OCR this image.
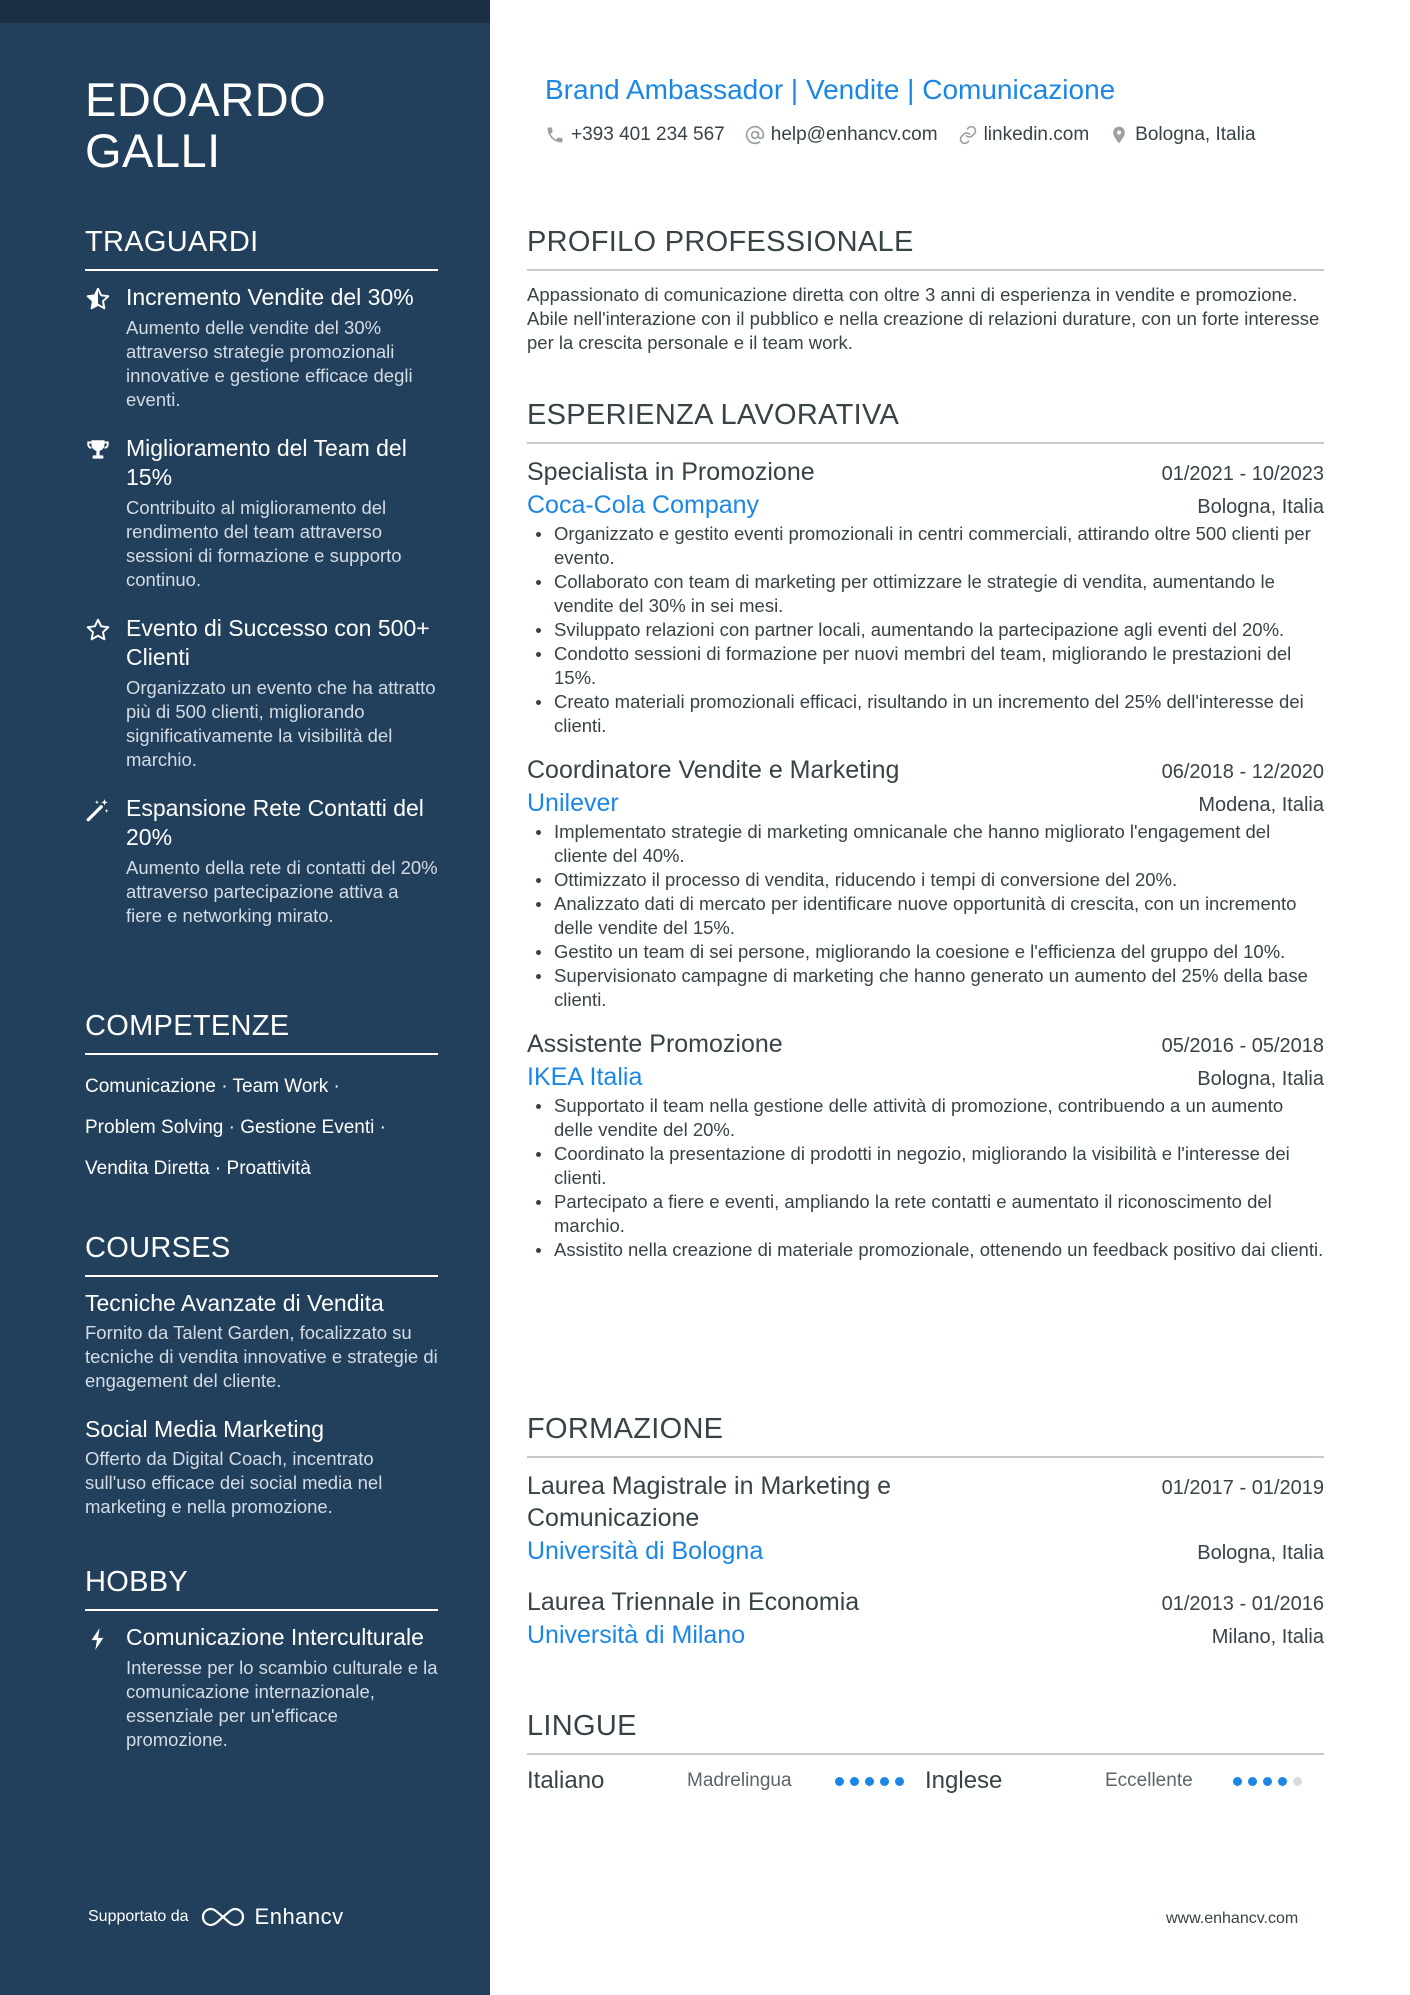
EDOARDO GALLI
TRAGUARDI
Incremento Vendite del 30%
Aumento delle vendite del 30% attraverso strategie promozionali innovative e gestione efficace degli eventi.
Miglioramento del Team del 15%
Contribuito al miglioramento del rendimento del team attraverso sessioni di formazione e supporto continuo.
Evento di Successo con 500+ Clienti
Organizzato un evento che ha attratto più di 500 clienti, migliorando significativamente la visibilità del marchio.
Espansione Rete Contatti del 20%
Aumento della rete di contatti del 20% attraverso partecipazione attiva a fiere e networking mirato.
COMPETENZE
Comunicazione · Team Work ·
Problem Solving · Gestione Eventi ·
Vendita Diretta · Proattività
COURSES
Tecniche Avanzate di Vendita
Fornito da Talent Garden, focalizzato su tecniche di vendita innovative e strategie di engagement del cliente.
Social Media Marketing
Offerto da Digital Coach, incentrato sull'uso efficace dei social media nel marketing e nella promozione.
HOBBY
Comunicazione Interculturale
Interesse per lo scambio culturale e la comunicazione internazionale, essenziale per un'efficace promozione.
Supportato da	Enhancv
Brand Ambassador | Vendite | Comunicazione
+393 401 234 567 help@enhancv.com linkedin.com Bologna, Italia
PROFILO PROFESSIONALE
Appassionato di comunicazione diretta con oltre 3 anni di esperienza in vendite e promozione. Abile nell'interazione con il pubblico e nella creazione di relazioni durature, con un forte interesse per la crescita personale e il team work.
ESPERIENZA LAVORATIVA
Specialista in Promozione	01/2021 - 10/2023
Coca-Cola Company	Bologna, Italia
Organizzato e gestito eventi promozionali in centri commerciali, attirando oltre 500 clienti per evento.
Collaborato con team di marketing per ottimizzare le strategie di vendita, aumentando le vendite del 30% in sei mesi.
Sviluppato relazioni con partner locali, aumentando la partecipazione agli eventi del 20%.
Condotto sessioni di formazione per nuovi membri del team, migliorando le prestazioni del 15%.
Creato materiali promozionali efficaci, risultando in un incremento del 25% dell'interesse dei clienti.
Coordinatore Vendite e Marketing	06/2018 - 12/2020
Unilever	Modena, Italia
Implementato strategie di marketing omnicanale che hanno migliorato l'engagement del cliente del 40%.
Ottimizzato il processo di vendita, riducendo i tempi di conversione del 20%.
Analizzato dati di mercato per identificare nuove opportunità di crescita, con un incremento delle vendite del 15%.
Gestito un team di sei persone, migliorando la coesione e l'efficienza del gruppo del 10%.
Supervisionato campagne di marketing che hanno generato un aumento del 25% della base clienti.
Assistente Promozione	05/2016 - 05/2018
IKEA Italia	Bologna, Italia
Supportato il team nella gestione delle attività di promozione, contribuendo a un aumento delle vendite del 20%.
Coordinato la presentazione di prodotti in negozio, migliorando la visibilità e l'interesse dei clienti.
Partecipato a fiere e eventi, ampliando la rete contatti e aumentato il riconoscimento del marchio.
Assistito nella creazione di materiale promozionale, ottenendo un feedback positivo dai clienti.
FORMAZIONE
Laurea Magistrale in Marketing e Comunicazione
01/2017 - 01/2019
Università di Bologna	Bologna, Italia
Laurea Triennale in Economia	01/2013 - 01/2016
Università di Milano	Milano, Italia
LINGUE
Italiano	Madrelingua	Inglese	Eccellente
www.enhancv.com
